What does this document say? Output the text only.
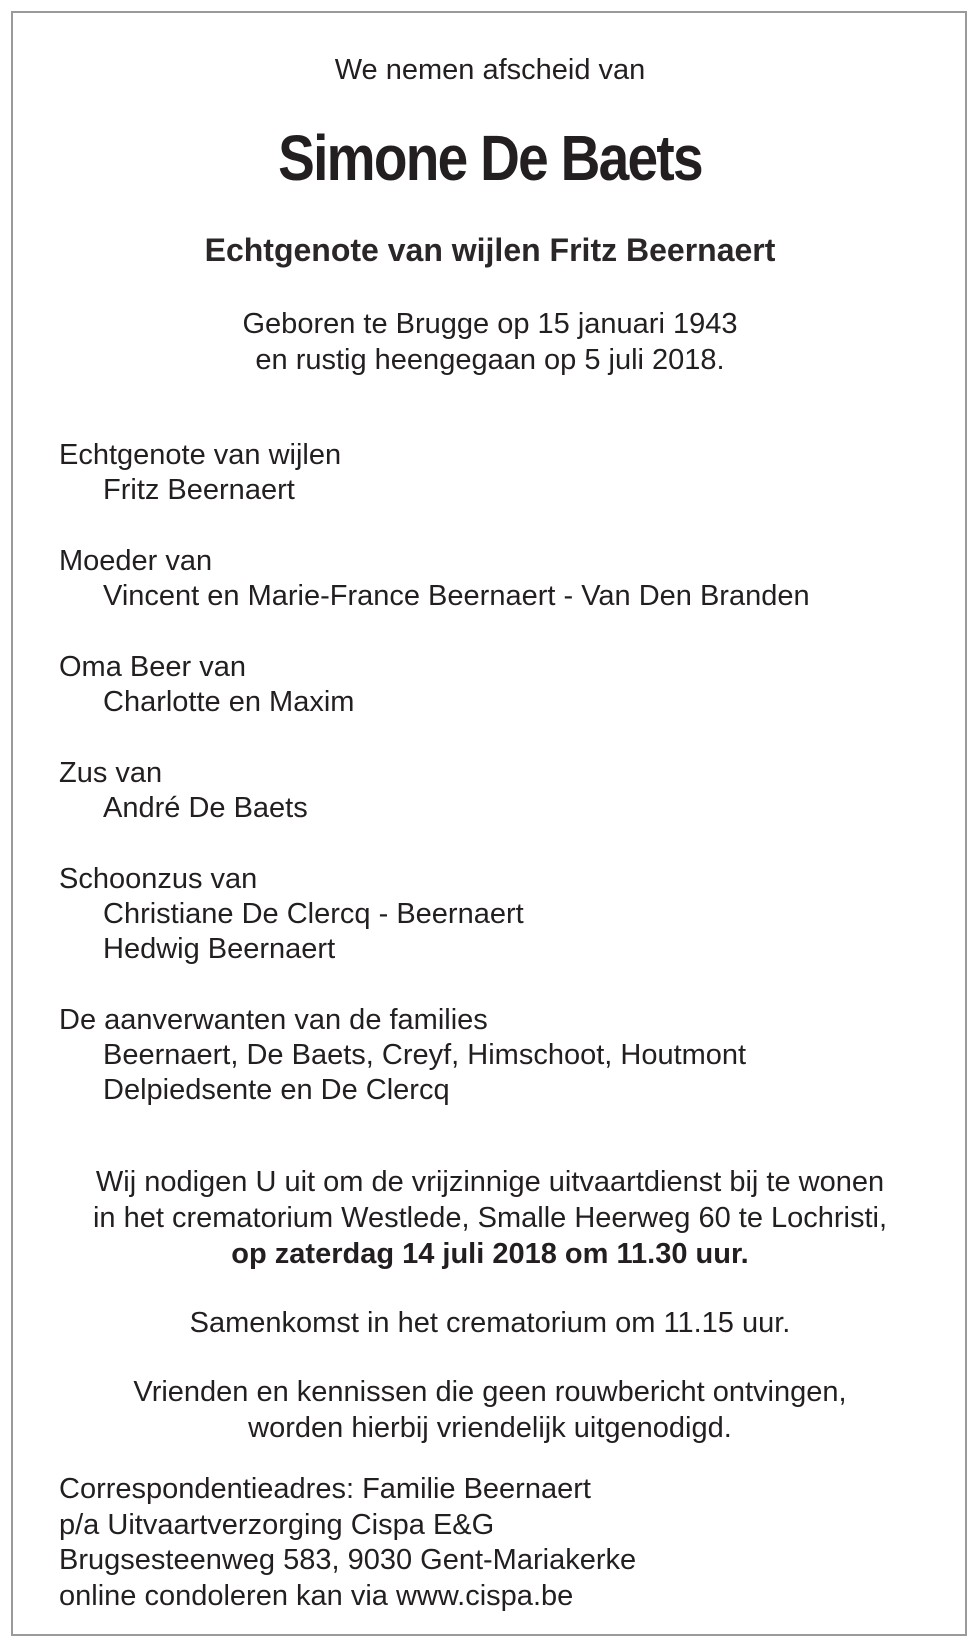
We nemen afscheid van
Simone De Baets
Echtgenote van wijlen Fritz Beernaert
Geboren te Brugge op 15 januari 1943
en rustig heengegaan op 5 juli 2018.
Echtgenote van wijlen
Fritz Beernaert
Moeder van
Vincent en Marie-France Beernaert - Van Den Branden
Oma Beer van
Charlotte en Maxim
Zus van
André De Baets
Schoonzus van
Christiane De Clercq - Beernaert
Hedwig Beernaert
De aanverwanten van de families
Beernaert, De Baets, Creyf, Himschoot, Houtmont
Delpiedsente en De Clercq
Wij nodigen U uit om de vrijzinnige uitvaartdienst bij te wonen
in het crematorium Westlede, Smalle Heerweg 60 te Lochristi,
op zaterdag 14 juli 2018 om 11.30 uur.
Samenkomst in het crematorium om 11.15 uur.
Vrienden en kennissen die geen rouwbericht ontvingen,
worden hierbij vriendelijk uitgenodigd.
Correspondentieadres: Familie Beernaert
p/a Uitvaartverzorging Cispa E&G
Brugsesteenweg 583, 9030 Gent-Mariakerke
online condoleren kan via www.cispa.be
